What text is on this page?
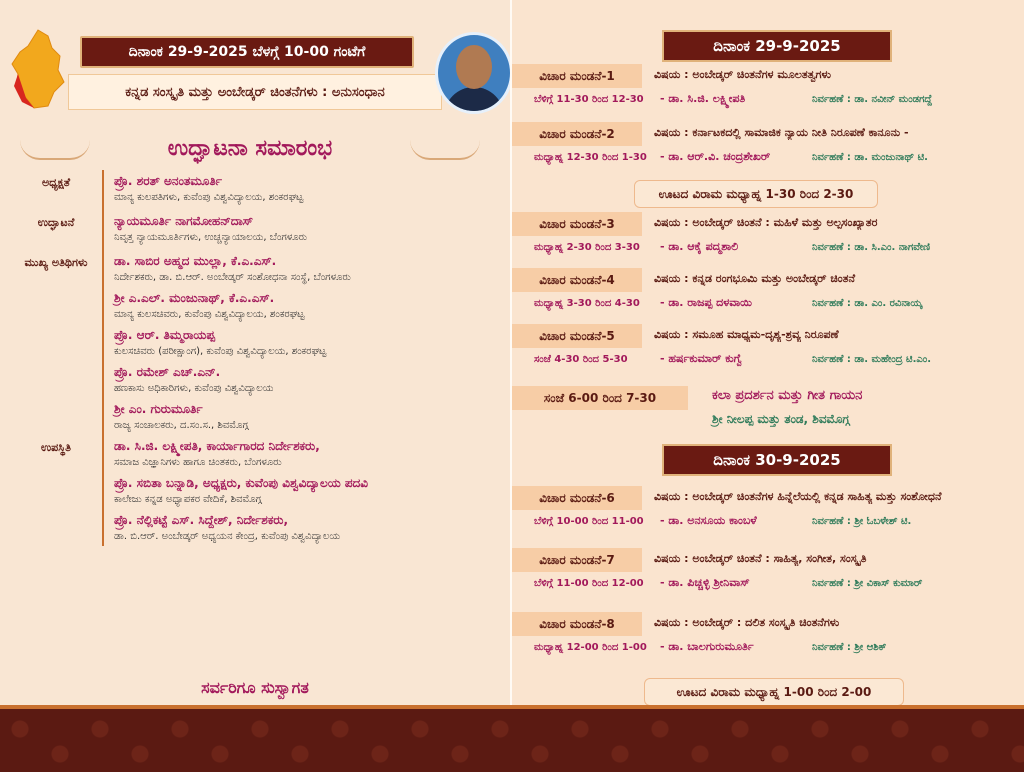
ದಿನಾಂಕ 29-9-2025 ಬೆಳಗ್ಗೆ 10-00 ಗಂಟೆಗೆ
ಕನ್ನಡ ಸಂಸ್ಕೃತಿ ಮತ್ತು ಅಂಬೇಡ್ಕರ್ ಚಿಂತನೆಗಳು : ಅನುಸಂಧಾನ
ಉದ್ಘಾಟನಾ ಸಮಾರಂಭ
ಅಧ್ಯಕ್ಷತೆ	ಪ್ರೊ. ಶರತ್ ಅನಂತಮೂರ್ತಿ
ಮಾನ್ಯ ಕುಲಪತಿಗಳು, ಕುವೆಂಪು ವಿಶ್ವವಿದ್ಯಾಲಯ, ಶಂಕರಘಟ್ಟ
ಉದ್ಘಾಟನೆ	ನ್ಯಾಯಮೂರ್ತಿ ನಾಗಮೋಹನ್‌ದಾಸ್
ನಿವೃತ್ತ ನ್ಯಾಯಮೂರ್ತಿಗಳು, ಉಚ್ಚನ್ಯಾಯಾಲಯ, ಬೆಂಗಳೂರು
ಮುಖ್ಯ ಅತಿಥಿಗಳು	ಡಾ. ಸಾಬಿರ ಅಹ್ಮದ ಮುಲ್ಲಾ, ಕೆ.ಎ.ಎಸ್.
ನಿರ್ದೇಶಕರು, ಡಾ. ಬಿ.ಆರ್. ಅಂಬೇಡ್ಕರ್ ಸಂಶೋಧನಾ ಸಂಸ್ಥೆ, ಬೆಂಗಳೂರು
ಶ್ರೀ ಎ.ಎಲ್. ಮಂಜುನಾಥ್, ಕೆ.ಎ.ಎಸ್.
ಮಾನ್ಯ ಕುಲಸಚಿವರು, ಕುವೆಂಪು ವಿಶ್ವವಿದ್ಯಾಲಯ, ಶಂಕರಘಟ್ಟ
ಪ್ರೊ. ಆರ್. ತಿಮ್ಮರಾಯಪ್ಪ
ಕುಲಸಚಿವರು (ಪರೀಕ್ಷಾಂಗ), ಕುವೆಂಪು ವಿಶ್ವವಿದ್ಯಾಲಯ, ಶಂಕರಘಟ್ಟ
ಪ್ರೊ. ರಮೇಶ್ ಎಚ್.ಎನ್.
ಹಣಕಾಸು ಅಧಿಕಾರಿಗಳು, ಕುವೆಂಪು ವಿಶ್ವವಿದ್ಯಾಲಯ
ಶ್ರೀ ಎಂ. ಗುರುಮೂರ್ತಿ
ರಾಜ್ಯ ಸಂಚಾಲಕರು, ದ.ಸಂ.ಸ., ಶಿವಮೊಗ್ಗ
ಉಪಸ್ಥಿತಿ	ಡಾ. ಸಿ.ಜಿ. ಲಕ್ಷ್ಮೀಪತಿ, ಕಾರ್ಯಾಗಾರದ ನಿರ್ದೇಶಕರು,
ಸಮಾಜ ವಿಜ್ಞಾನಿಗಳು ಹಾಗೂ ಚಿಂತಕರು, ಬೆಂಗಳೂರು
ಪ್ರೊ. ಸಬಿತಾ ಬನ್ನಾಡಿ, ಅಧ್ಯಕ್ಷರು, ಕುವೆಂಪು ವಿಶ್ವವಿದ್ಯಾಲಯ ಪದವಿ
ಕಾಲೇಜು ಕನ್ನಡ ಅಧ್ಯಾಪಕರ ವೇದಿಕೆ, ಶಿವಮೊಗ್ಗ
ಪ್ರೊ. ನೆಲ್ಲಿಕಟ್ಟೆ ಎಸ್. ಸಿದ್ದೇಶ್, ನಿರ್ದೇಶಕರು,
ಡಾ. ಬಿ.ಆರ್. ಅಂಬೇಡ್ಕರ್ ಅಧ್ಯಯನ ಕೇಂದ್ರ, ಕುವೆಂಪು ವಿಶ್ವವಿದ್ಯಾಲಯ
ಸರ್ವರಿಗೂ ಸುಸ್ವಾಗತ
ದಿನಾಂಕ 29-9-2025
ವಿಚಾರ ಮಂಡನೆ-1	ವಿಷಯ : ಅಂಬೇಡ್ಕರ್ ಚಿಂತನೆಗಳ ಮೂಲತತ್ವಗಳು
ಬೆಳಿಗ್ಗೆ 11-30 ರಿಂದ 12-30 - ಡಾ. ಸಿ.ಜಿ. ಲಕ್ಷ್ಮೀಪತಿ	ನಿರ್ವಹಣೆ : ಡಾ. ನವೀನ್ ಮಂಡಗದ್ದೆ
ವಿಚಾರ ಮಂಡನೆ-2	ವಿಷಯ : ಕರ್ನಾಟಕದಲ್ಲಿ ಸಾಮಾಜಿಕ ನ್ಯಾಯ ನೀತಿ ನಿರೂಪಣೆ ಕಾನೂನು -
ಮಧ್ಯಾಹ್ನ 12-30 ರಿಂದ 1-30 - ಡಾ. ಆರ್.ವಿ. ಚಂದ್ರಶೇಖರ್	ನಿರ್ವಹಣೆ : ಡಾ. ಮಂಜುನಾಥ್ ಟಿ.
ಊಟದ ವಿರಾಮ ಮಧ್ಯಾಹ್ನ 1-30 ರಿಂದ 2-30
ವಿಚಾರ ಮಂಡನೆ-3	ವಿಷಯ : ಅಂಬೇಡ್ಕರ್ ಚಿಂತನೆ : ಮಹಿಳೆ ಮತ್ತು ಅಲ್ಪಸಂಖ್ಯಾತರ
ಮಧ್ಯಾಹ್ನ 2-30 ರಿಂದ 3-30 - ಡಾ. ಆಕೈ ಪದ್ಮಶಾಲಿ	ನಿರ್ವಹಣೆ : ಡಾ. ಸಿ.ಎಂ. ನಾಗವೇಣಿ
ವಿಚಾರ ಮಂಡನೆ-4	ವಿಷಯ : ಕನ್ನಡ ರಂಗಭೂಮಿ ಮತ್ತು ಅಂಬೇಡ್ಕರ್ ಚಿಂತನೆ
ಮಧ್ಯಾಹ್ನ 3-30 ರಿಂದ 4-30 - ಡಾ. ರಾಜಪ್ಪ ದಳವಾಯಿ	ನಿರ್ವಹಣೆ : ಡಾ. ಎಂ. ರವಿನಾಯ್ಕ
ವಿಚಾರ ಮಂಡನೆ-5	ವಿಷಯ : ಸಮೂಹ ಮಾಧ್ಯಮ-ದೃಶ್ಯ-ಶ್ರವ್ಯ ನಿರೂಪಣೆ
ಸಂಜೆ 4-30 ರಿಂದ 5-30	- ಹರ್ಷಕುಮಾರ್ ಕುಗ್ವೆ	ನಿರ್ವಹಣೆ : ಡಾ. ಮಹೇಂದ್ರ ಟಿ.ಎಂ.
ಸಂಜೆ 6-00 ರಿಂದ 7-30	ಕಲಾ ಪ್ರದರ್ಶನ ಮತ್ತು ಗೀತ ಗಾಯನ
ಶ್ರೀ ನೀಲಪ್ಪ ಮತ್ತು ತಂಡ, ಶಿವಮೊಗ್ಗ
ದಿನಾಂಕ 30-9-2025
ವಿಚಾರ ಮಂಡನೆ-6	ವಿಷಯ : ಅಂಬೇಡ್ಕರ್ ಚಿಂತನೆಗಳ ಹಿನ್ನೆಲೆಯಲ್ಲಿ ಕನ್ನಡ ಸಾಹಿತ್ಯ ಮತ್ತು ಸಂಶೋಧನೆ
ಬೆಳಿಗ್ಗೆ 10-00 ರಿಂದ 11-00 - ಡಾ. ಅನಸೂಯ ಕಾಂಬಳೆ	ನಿರ್ವಹಣೆ : ಶ್ರೀ ಓಬಳೇಶ್ ಟಿ.
ವಿಚಾರ ಮಂಡನೆ-7	ವಿಷಯ : ಅಂಬೇಡ್ಕರ್ ಚಿಂತನೆ : ಸಾಹಿತ್ಯ, ಸಂಗೀತ, ಸಂಸ್ಕೃತಿ
ಬೆಳಿಗ್ಗೆ 11-00 ರಿಂದ 12-00 - ಡಾ. ಪಿಚ್ಚಳ್ಳಿ ಶ್ರೀನಿವಾಸ್	ನಿರ್ವಹಣೆ : ಶ್ರೀ ವಿಕಾಸ್ ಕುಮಾರ್
ವಿಚಾರ ಮಂಡನೆ-8	ವಿಷಯ : ಅಂಬೇಡ್ಕರ್ : ದಲಿತ ಸಂಸ್ಕೃತಿ ಚಿಂತನೆಗಳು
ಮಧ್ಯಾಹ್ನ 12-00 ರಿಂದ 1-00 - ಡಾ. ಬಾಲಗುರುಮೂರ್ತಿ	ನಿರ್ವಹಣೆ : ಶ್ರೀ ಆಶಿಕ್
ಊಟದ ವಿರಾಮ ಮಧ್ಯಾಹ್ನ 1-00 ರಿಂದ 2-00
